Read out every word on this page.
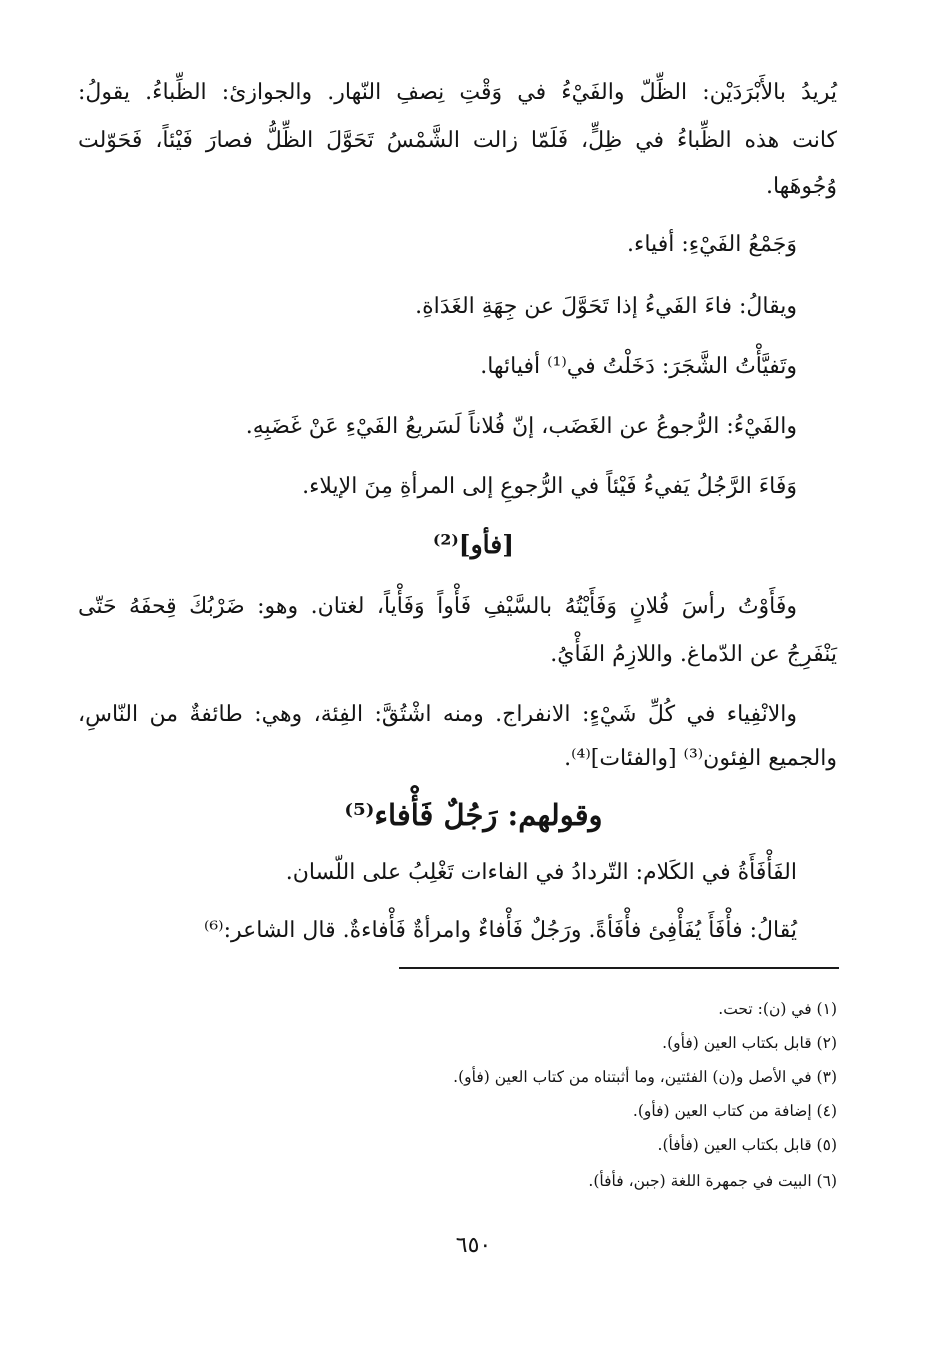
يُريدُ بالأَبْرَدَيْن: الظِّلّ والفَيْءُ في وَقْتِ نِصفِ النّهار. والجوازئ: الظِّباءُ. يقولُ:
كانت هذه الظِّباءُ في ظِلٍّ، فَلَمّا زالت الشَّمْسُ تَحَوَّلَ الظِّلُّ فصارَ فَيْئاً، فَحَوّلت
وُجُوهَها.
وَجَمْعُ الفَيْءِ: أفياء.
ويقالُ: فاءَ الفَيءُ إذا تَحَوَّلَ عن جِهَةِ الغَدَاةِ.
وتَفيَّأْتُ الشَّجَرَ: دَخَلْتُ في⁽¹⁾ أفيائها.
والفَيْءُ: الرُّجوعُ عن الغَضَب، إنّ فُلاناً لَسَريعُ الفَيْءِ عَنْ غَضَبِهِ.
وَفَاءَ الرَّجُلُ يَفيءُ فَيْئاً في الرُّجوعِ إلى المرأةِ مِنَ الإيلاء.
[فأو]⁽²⁾
وفَأَوْتُ رأسَ فُلانٍ وَفَأَيْتُهُ بالسَّيْفِ فَأْواً وَفَأْياً، لغتان. وهو: ضَرْبُكَ قِحفَهُ حَتّى
يَنْفَرِجُ عن الدّماغ. واللازِمُ الفَأْيُ.
والانْفِياء في كُلِّ شَيْءٍ: الانفراج. ومنه اشْتُقَّ: الفِئة، وهي: طائفةٌ من النّاسِ،
والجميع الفِئون⁽³⁾ [والفئات]⁽⁴⁾.
وقولهم: رَجُلٌ فَأْفاء⁽⁵⁾
الفَأْفَأَةُ في الكَلام: التّردادُ في الفاءات تَغْلِبُ على اللّسان.
يُقالُ: فأْفَأَ يُفَأْفِئ فأْفَأةً. ورَجُلٌ فَأْفاءٌ وامرأةٌ فَأْفاءةٌ. قال الشاعر:⁽⁶⁾
(١) في (ن): تحت.
(٢) قابل بكتاب العين (فأو).
(٣) في الأصل و(ن) الفئتين، وما أثبتناه من كتاب العين (فأو).
(٤) إضافة من كتاب العين (فأو).
(٥) قابل بكتاب العين (فأفأ).
(٦) البيت في جمهرة اللغة (جبن، فأفأ).
٦٥٠
